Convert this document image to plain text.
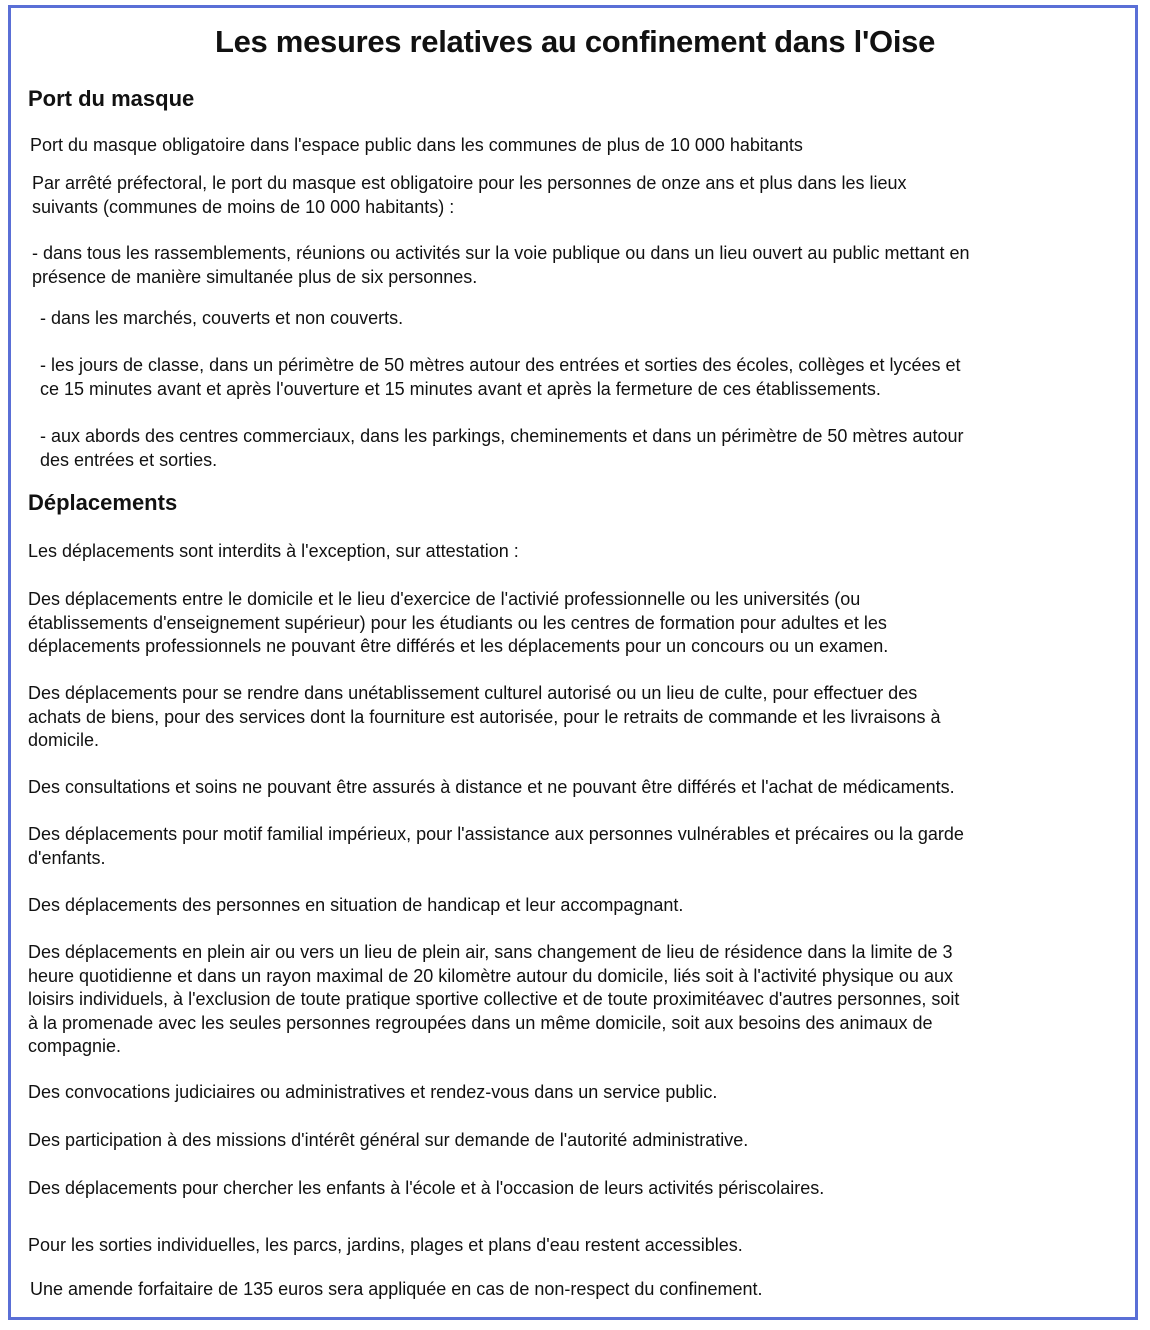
Les mesures relatives au confinement dans l'Oise
Port du masque

Port du masque obligatoire dans l'espace public dans les communes de plus de 10 000 habitants

Par arrêté préfectoral, le port du masque est obligatoire pour les personnes de onze ans et plus dans les lieux
suivants (communes de moins de 10 000 habitants) :

- dans tous les rassemblements, réunions ou activités sur la voie publique ou dans un lieu ouvert au public mettant en
présence de manière simultanée plus de six personnes.

- dans les marchés, couverts et non couverts.

- les jours de classe, dans un périmètre de 50 mètres autour des entrées et sorties des écoles, collèges et lycées et
ce 15 minutes avant et après l'ouverture et 15 minutes avant et après la fermeture de ces établissements.

- aux abords des centres commerciaux, dans les parkings, cheminements et dans un périmètre de 50 mètres autour
des entrées et sorties.

Déplacements

Les déplacements sont interdits à l'exception, sur attestation :

Des déplacements entre le domicile et le lieu d'exercice de l'activié professionnelle ou les universités (ou
établissements d'enseignement supérieur) pour les étudiants ou les centres de formation pour adultes et les
déplacements professionnels ne pouvant être différés et les déplacements pour un concours ou un examen.

Des déplacements pour se rendre dans unétablissement culturel autorisé ou un lieu de culte, pour effectuer des
achats de biens, pour des services dont la fourniture est autorisée, pour le retraits de commande et les livraisons à
domicile.

Des consultations et soins ne pouvant être assurés à distance et ne pouvant être différés et l'achat de médicaments.

Des déplacements pour motif familial impérieux, pour l'assistance aux personnes vulnérables et précaires ou la garde
d'enfants.

Des déplacements des personnes en situation de handicap et leur accompagnant.

Des déplacements en plein air ou vers un lieu de plein air, sans changement de lieu de résidence dans la limite de 3
heure quotidienne et dans un rayon maximal de 20 kilomètre autour du domicile, liés soit à l'activité physique ou aux
loisirs individuels, à l'exclusion de toute pratique sportive collective et de toute proximitéavec d'autres personnes, soit
à la promenade avec les seules personnes regroupées dans un même domicile, soit aux besoins des animaux de
compagnie.

Des convocations judiciaires ou administratives et rendez-vous dans un service public.

Des participation à des missions d'intérêt général sur demande de l'autorité administrative.

Des déplacements pour chercher les enfants à l'école et à l'occasion de leurs activités périscolaires.

Pour les sorties individuelles, les parcs, jardins, plages et plans d'eau restent accessibles.

Une amende forfaitaire de 135 euros sera appliquée en cas de non-respect du confinement.
